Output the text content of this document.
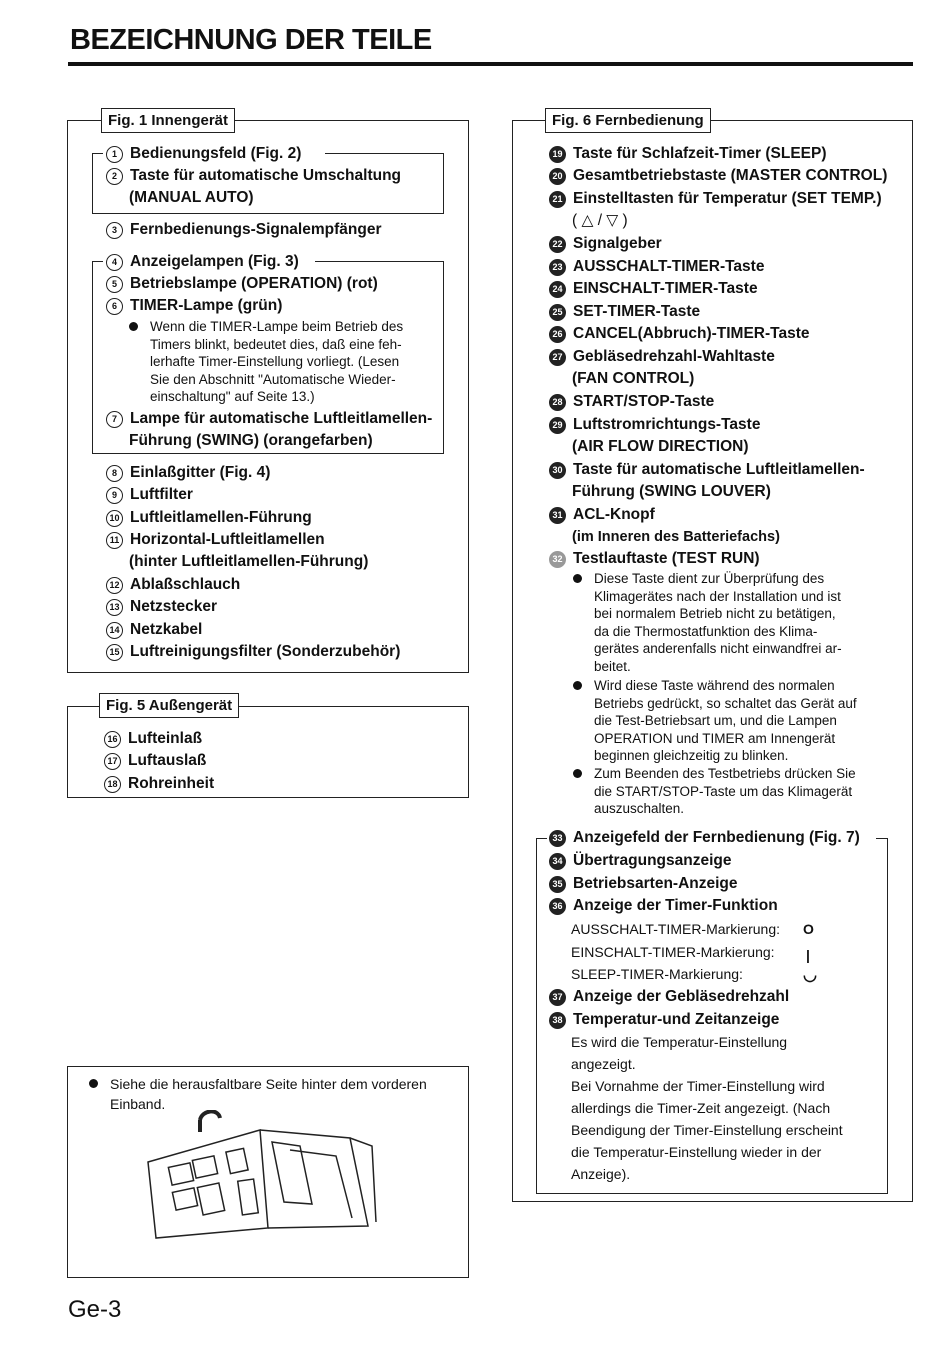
BEZEICHNUNG DER TEILE
Fig. 1 Innengerät
1 Bedienungsfeld (Fig. 2)
2 Taste für automatische Umschaltung
(MANUAL AUTO)
3 Fernbedienungs-Signalempfänger
4 Anzeigelampen (Fig. 3)
5 Betriebslampe (OPERATION) (rot)
6 TIMER-Lampe (grün)
Wenn die TIMER-Lampe beim Betrieb des
Timers blinkt, bedeutet dies, daß eine feh-
lerhafte Timer-Einstellung vorliegt. (Lesen
Sie den Abschnitt "Automatische Wieder-
einschaltung" auf Seite 13.)
7 Lampe für automatische Luftleitlamellen-
Führung (SWING) (orangefarben)
8 Einlaßgitter (Fig. 4)
9 Luftfilter
10 Luftleitlamellen-Führung
11 Horizontal-Luftleitlamellen
(hinter Luftleitlamellen-Führung)
12 Ablaßschlauch
13 Netzstecker
14 Netzkabel
15 Luftreinigungsfilter (Sonderzubehör)
Fig. 5 Außengerät
16 Lufteinlaß
17 Luftauslaß
18 Rohreinheit
Siehe die herausfaltbare Seite hinter dem vorderen
Einband.
Fig. 6 Fernbedienung
19 Taste für Schlafzeit-Timer (SLEEP)
20 Gesamtbetriebstaste (MASTER CONTROL)
21 Einstelltasten für Temperatur (SET TEMP.)
( △ / ▽ )
22 Signalgeber
23 AUSSCHALT-TIMER-Taste
24 EINSCHALT-TIMER-Taste
25 SET-TIMER-Taste
26 CANCEL(Abbruch)-TIMER-Taste
27 Gebläsedrehzahl-Wahltaste
(FAN CONTROL)
28 START/STOP-Taste
29 Luftstromrichtungs-Taste
(AIR FLOW DIRECTION)
30 Taste für automatische Luftleitlamellen-
Führung (SWING LOUVER)
31 ACL-Knopf
(im Inneren des Batteriefachs)
32 Testlauftaste (TEST RUN)
Diese Taste dient zur Überprüfung des
Klimagerätes nach der Installation und ist
bei normalem Betrieb nicht zu betätigen,
da die Thermostatfunktion des Klima-
gerätes anderenfalls nicht einwandfrei ar-
beitet.
Wird diese Taste während des normalen
Betriebs gedrückt, so schaltet das Gerät auf
die Test-Betriebsart um, und die Lampen
OPERATION und TIMER am Innengerät
beginnen gleichzeitig zu blinken.
Zum Beenden des Testbetriebs drücken Sie
die START/STOP-Taste um das Klimagerät
auszuschalten.
33 Anzeigefeld der Fernbedienung (Fig. 7)
34 Übertragungsanzeige
35 Betriebsarten-Anzeige
36 Anzeige der Timer-Funktion
AUSSCHALT-TIMER-Markierung: O
EINSCHALT-TIMER-Markierung: |
SLEEP-TIMER-Markierung:	◡
37 Anzeige der Gebläsedrehzahl
38 Temperatur-und Zeitanzeige
Es wird die Temperatur-Einstellung
angezeigt.
Bei Vornahme der Timer-Einstellung wird
allerdings die Timer-Zeit angezeigt. (Nach
Beendigung der Timer-Einstellung erscheint
die Temperatur-Einstellung wieder in der
Anzeige).
Ge-3
